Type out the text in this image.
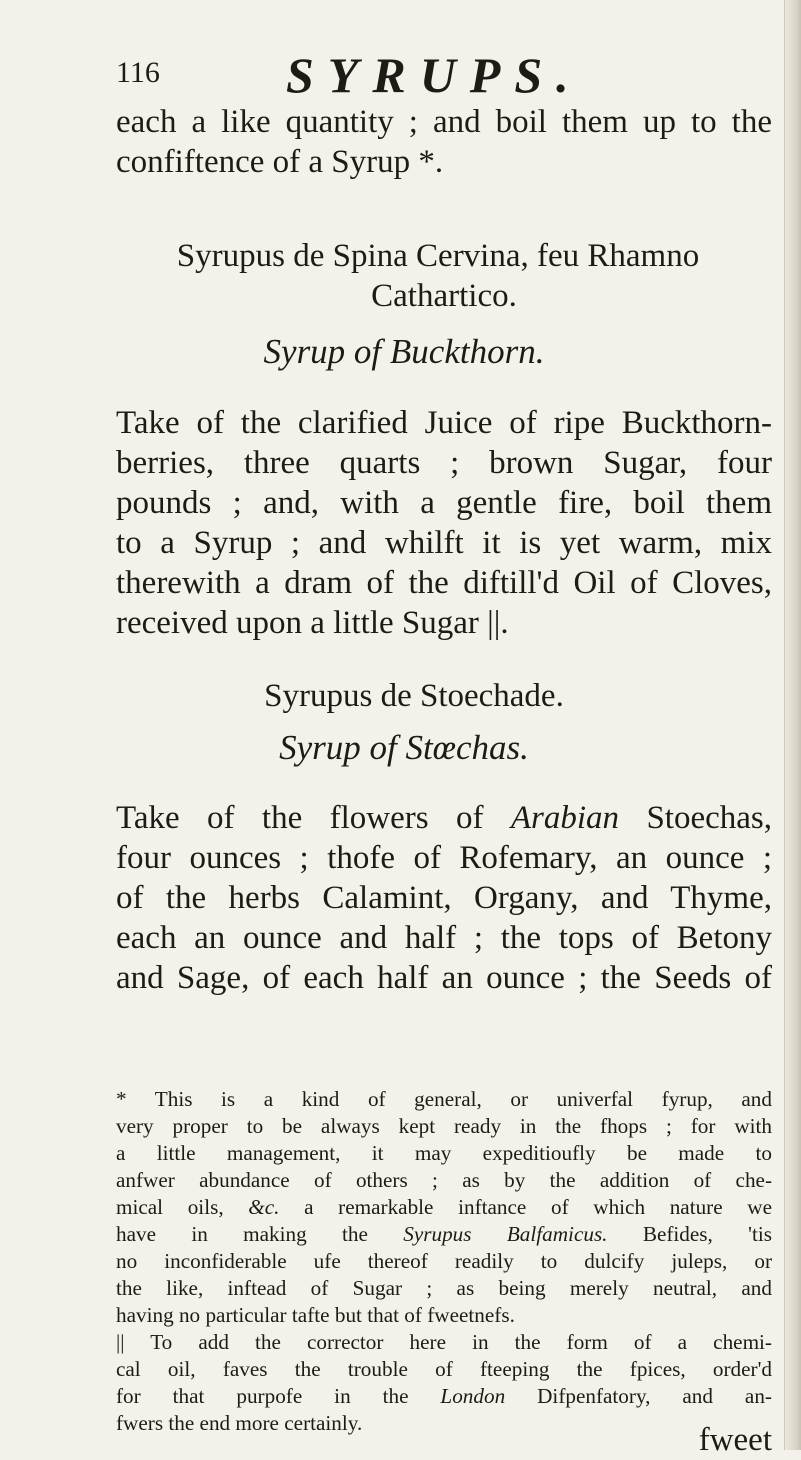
116	SYRUPS.
each a like quantity ; and boil them up to the
confiftence of a Syrup *.
Syrupus de Spina Cervina, feu Rhamno
Cathartico.
Syrup of Buckthorn.
Take of the clarified Juice of ripe Buckthorn-
berries, three quarts ; brown Sugar, four
pounds ; and, with a gentle fire, boil them
to a Syrup ; and whilft it is yet warm, mix
therewith a dram of the diftill'd Oil of Cloves,
received upon a little Sugar ||.
Syrupus de Stoechade.
Syrup of Stœchas.
Take of the flowers of Arabian Stoechas,
four ounces ; thofe of Rofemary, an ounce ;
of the herbs Calamint, Organy, and Thyme,
each an ounce and half ; the tops of Betony
and Sage, of each half an ounce ; the Seeds of
* This is a kind of general, or univerfal fyrup, and
very proper to be always kept ready in the fhops ; for with
a little management, it may expeditioufly be made to
anfwer abundance of others ; as by the addition of che-
mical oils, &c. a remarkable inftance of which nature we
have in making the Syrupus Balfamicus. Befides, 'tis
no inconfiderable ufe thereof readily to dulcify juleps, or
the like, inftead of Sugar ; as being merely neutral, and
having no particular tafte but that of fweetnefs.
|| To add the corrector here in the form of a chemi-
cal oil, faves the trouble of fteeping the fpices, order'd
for that purpofe in the London Difpenfatory, and an-
fwers the end more certainly.	fweet
